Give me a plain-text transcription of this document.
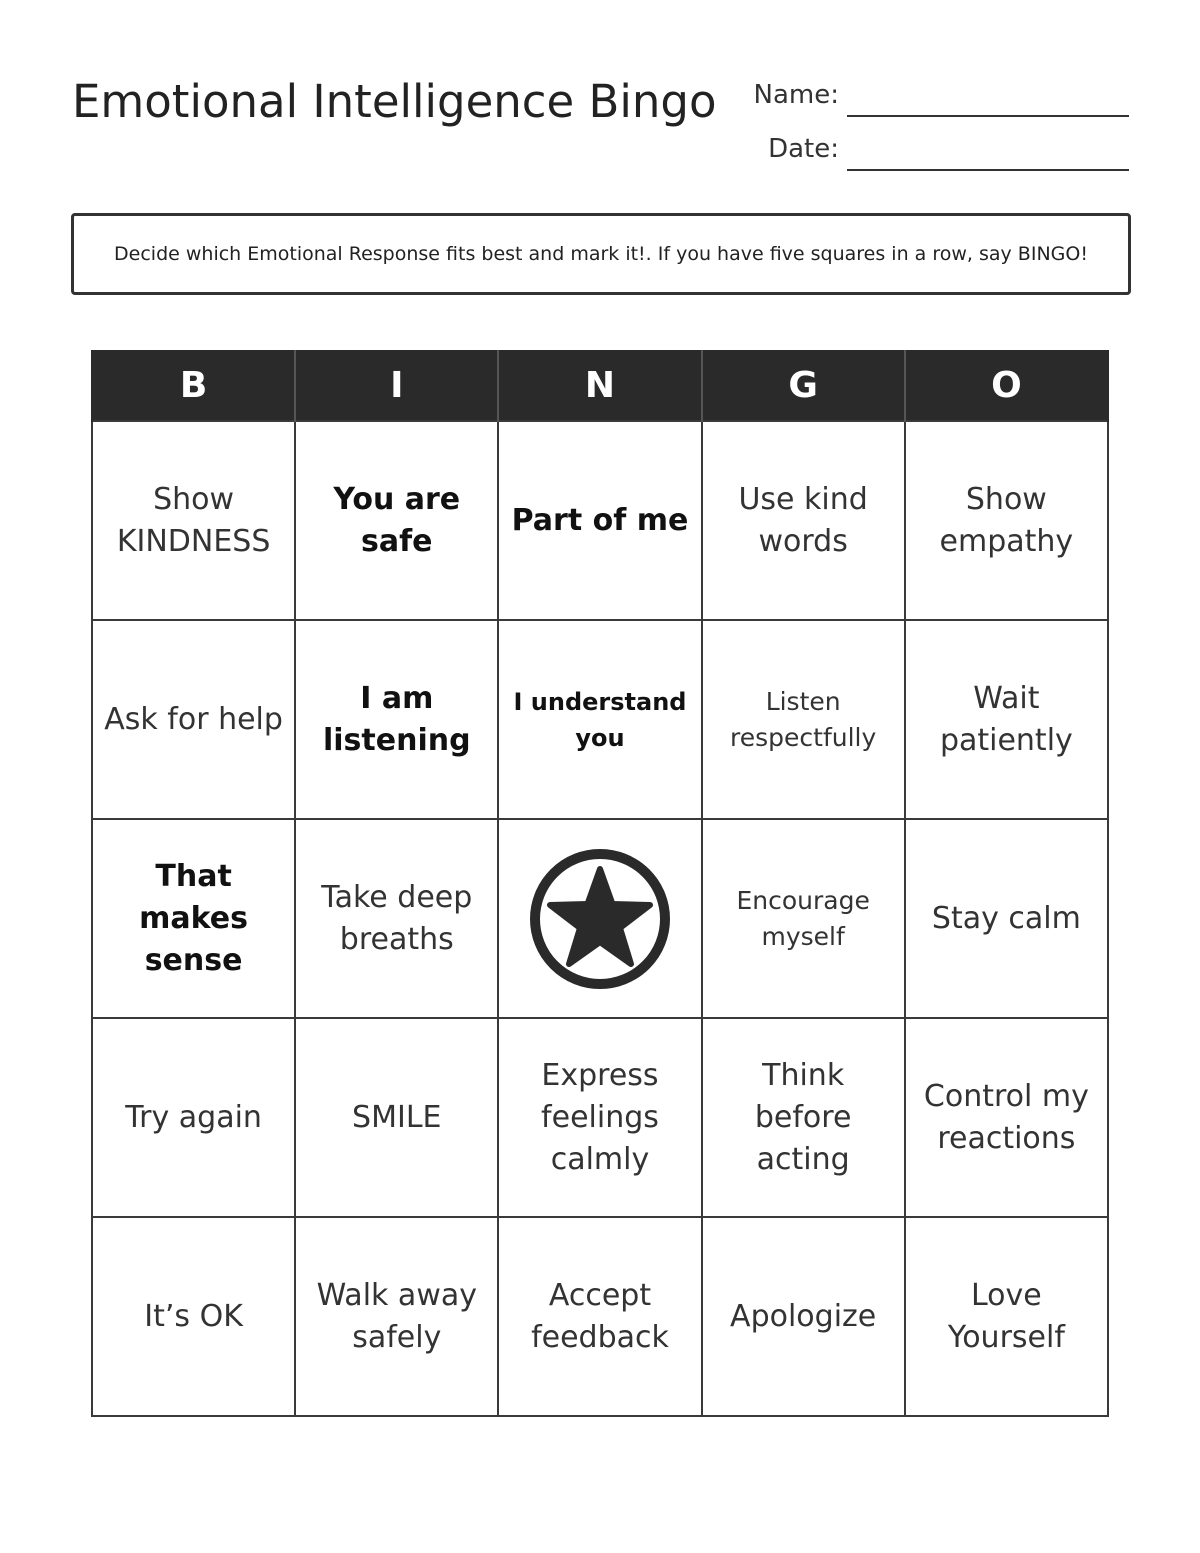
Emotional Intelligence Bingo	Name:
Date:
Decide which Emotional Response fits best and mark it!. If you have five squares in a row, say BINGO!
B	I	N	G	O
Show KINDNESS	You are safe	Part of me	Use kind words	Show empathy
Ask for help	I am listening	I understand you	Listen respectfully	Wait patiently
That makes sense	Take deep breaths		Encourage myself	Stay calm
Try again	SMILE	Express feelings calmly	Think before acting	Control my reactions
It’s OK	Walk away safely	Accept feedback	Apologize	Love Yourself
